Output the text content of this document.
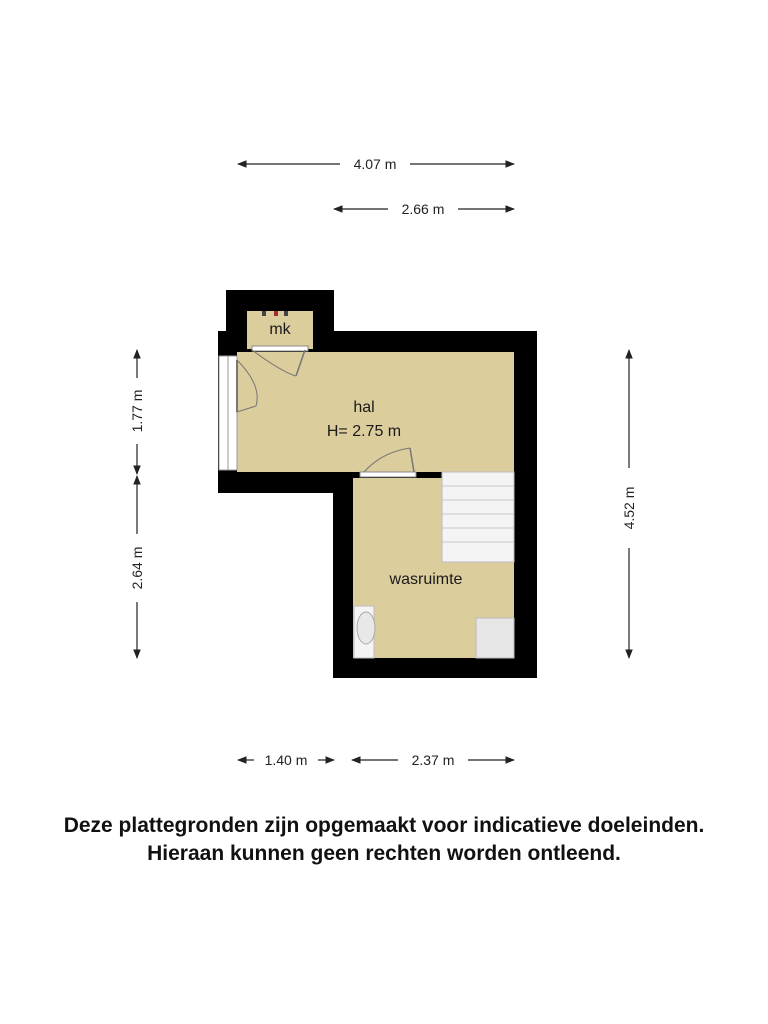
mk
hal
H= 2.75 m
wasruimte
4.07 m
2.66 m
1.77 m
2.64 m
4.52 m
1.40 m	2.37 m
Deze plattegronden zijn opgemaakt voor indicatieve doeleinden.
Hieraan kunnen geen rechten worden ontleend.
